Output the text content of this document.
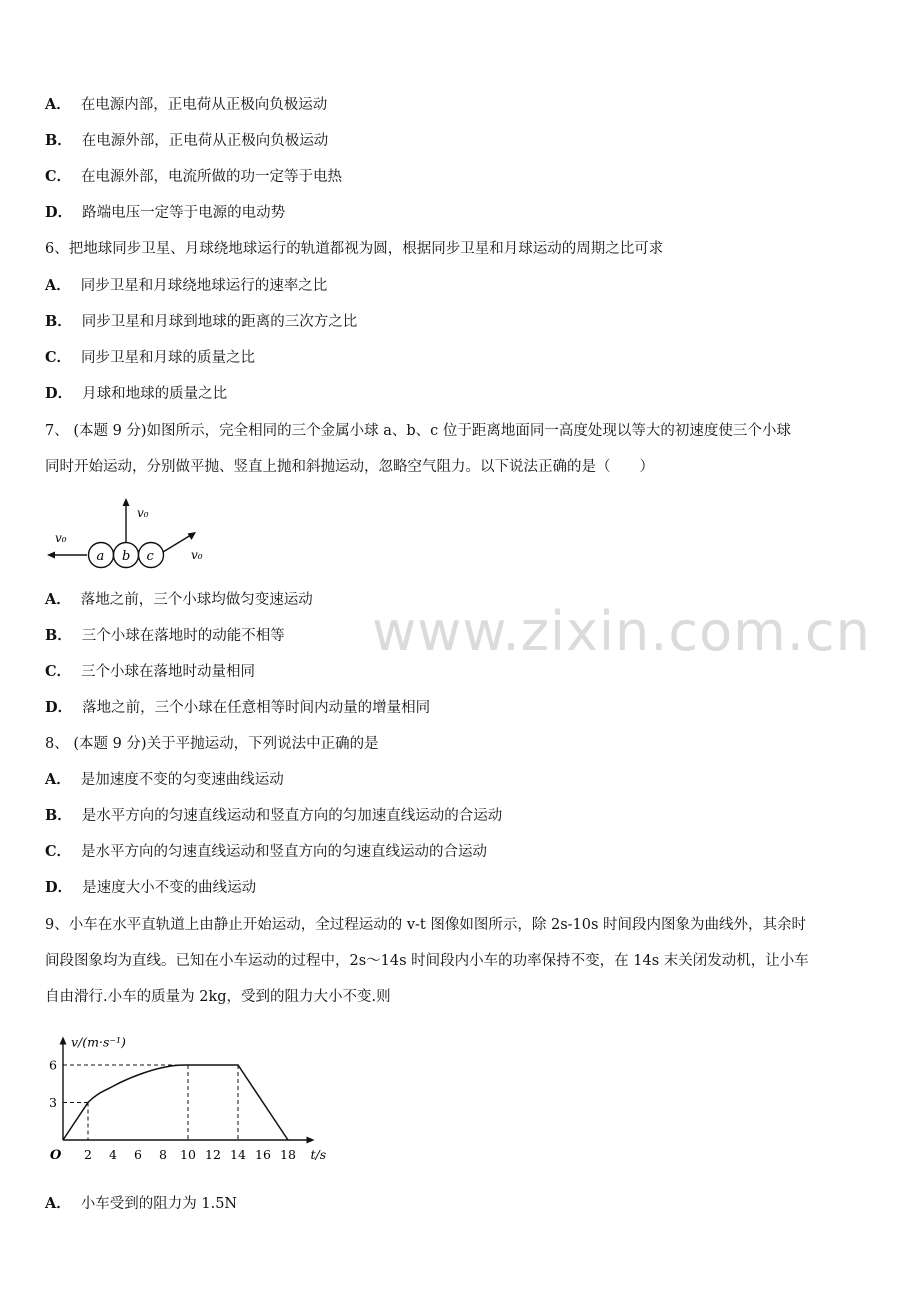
A． 在电源内部，正电荷从正极向负极运动
B． 在电源外部，正电荷从正极向负极运动
C． 在电源外部，电流所做的功一定等于电热
D． 路端电压一定等于电源的电动势
6、把地球同步卫星、月球绕地球运行的轨道都视为圆，根据同步卫星和月球运动的周期之比可求
A． 同步卫星和月球绕地球运行的速率之比
B． 同步卫星和月球到地球的距离的三次方之比
C． 同步卫星和月球的质量之比
D． 月球和地球的质量之比
7、 (本题 9 分)如图所示，完全相同的三个金属小球 a、b、c 位于距离地面同一高度处现以等大的初速度使三个小球
同时开始运动，分别做平抛、竖直上抛和斜抛运动，忽略空气阻力。以下说法正确的是（　　）
v₀
a b c
v₀
v₀
A． 落地之前，三个小球均做匀变速运动
B． 三个小球在落地时的动能不相等
C． 三个小球在落地时动量相同
D． 落地之前，三个小球在任意相等时间内动量的增量相同
8、 (本题 9 分)关于平抛运动，下列说法中正确的是
A． 是加速度不变的匀变速曲线运动
B． 是水平方向的匀速直线运动和竖直方向的匀加速直线运动的合运动
C． 是水平方向的匀速直线运动和竖直方向的匀速直线运动的合运动
D． 是速度大小不变的曲线运动
9、小车在水平直轨道上由静止开始运动，全过程运动的 v-t 图像如图所示，除 2s-10s 时间段内图象为曲线外，其余时
间段图象均为直线。已知在小车运动的过程中，2s～14s 时间段内小车的功率保持不变，在 14s 末关闭发动机，让小车
自由滑行.小车的质量为 2kg，受到的阻力大小不变.则
v/(m·s⁻¹)
t/s
O 2 4 6 8 10 12 14 16 18
3
6
A． 小车受到的阻力为 1.5N
www.zixin.com.cn
